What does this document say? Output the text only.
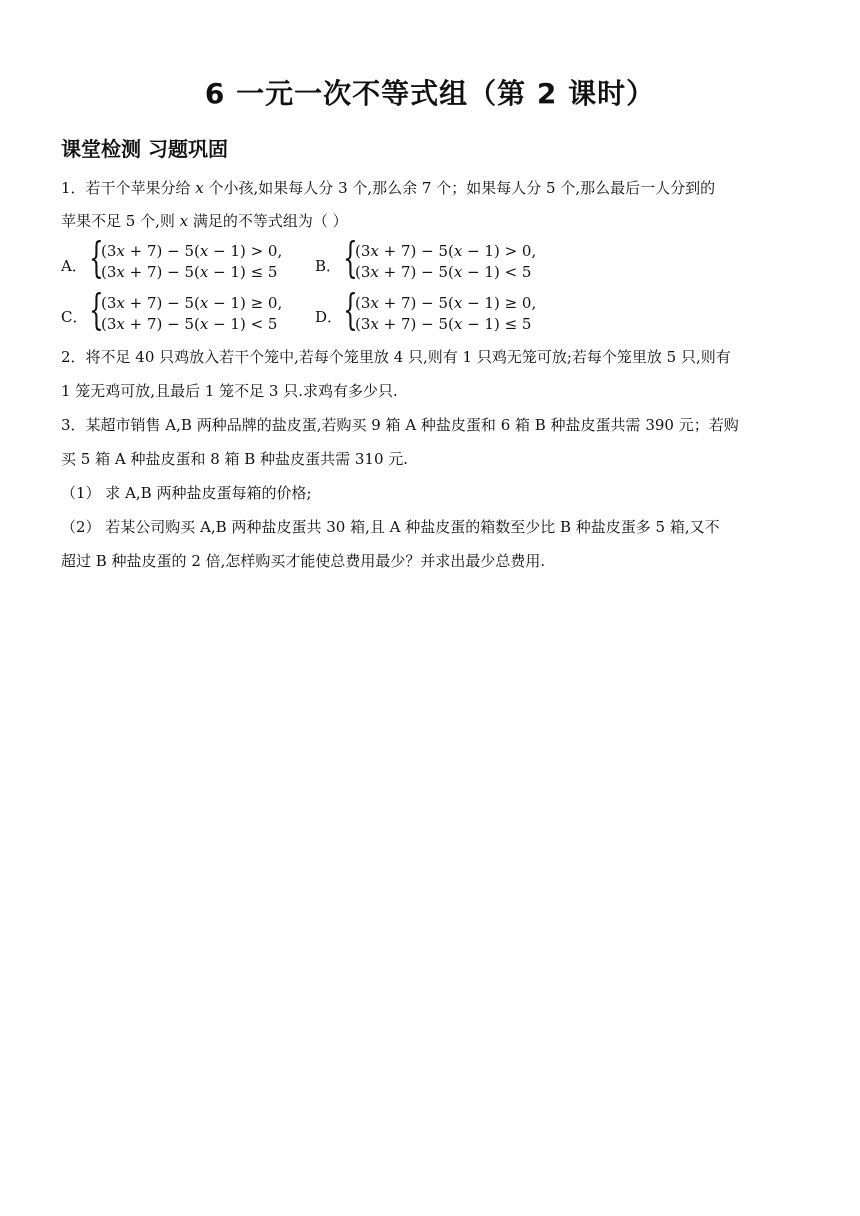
6 一元一次不等式组（第 2 课时）
课堂检测 习题巩固
1．若干个苹果分给 𝑥 个小孩,如果每人分 3 个,那么余 7 个；如果每人分 5 个,那么最后一人分到的
苹果不足 5 个,则 𝑥 满足的不等式组为（ ）
A． {
(3𝑥 + 7) − 5(𝑥 − 1) > 0,
(3𝑥 + 7) − 5(𝑥 − 1) ≤ 5	B． {
(3𝑥 + 7) − 5(𝑥 − 1) > 0,
(3𝑥 + 7) − 5(𝑥 − 1) < 5
C． {
(3𝑥 + 7) − 5(𝑥 − 1) ≥ 0,
(3𝑥 + 7) − 5(𝑥 − 1) < 5	D． {
(3𝑥 + 7) − 5(𝑥 − 1) ≥ 0,
(3𝑥 + 7) − 5(𝑥 − 1) ≤ 5
2．将不足 40 只鸡放入若干个笼中,若每个笼里放 4 只,则有 1 只鸡无笼可放;若每个笼里放 5 只,则有
1 笼无鸡可放,且最后 1 笼不足 3 只.求鸡有多少只.
3．某超市销售 A,B 两种品牌的盐皮蛋,若购买 9 箱 A 种盐皮蛋和 6 箱 B 种盐皮蛋共需 390 元；若购
买 5 箱 A 种盐皮蛋和 8 箱 B 种盐皮蛋共需 310 元.
（1） 求 A,B 两种盐皮蛋每箱的价格;
（2） 若某公司购买 A,B 两种盐皮蛋共 30 箱,且 A 种盐皮蛋的箱数至少比 B 种盐皮蛋多 5 箱,又不
超过 B 种盐皮蛋的 2 倍,怎样购买才能使总费用最少？并求出最少总费用.
